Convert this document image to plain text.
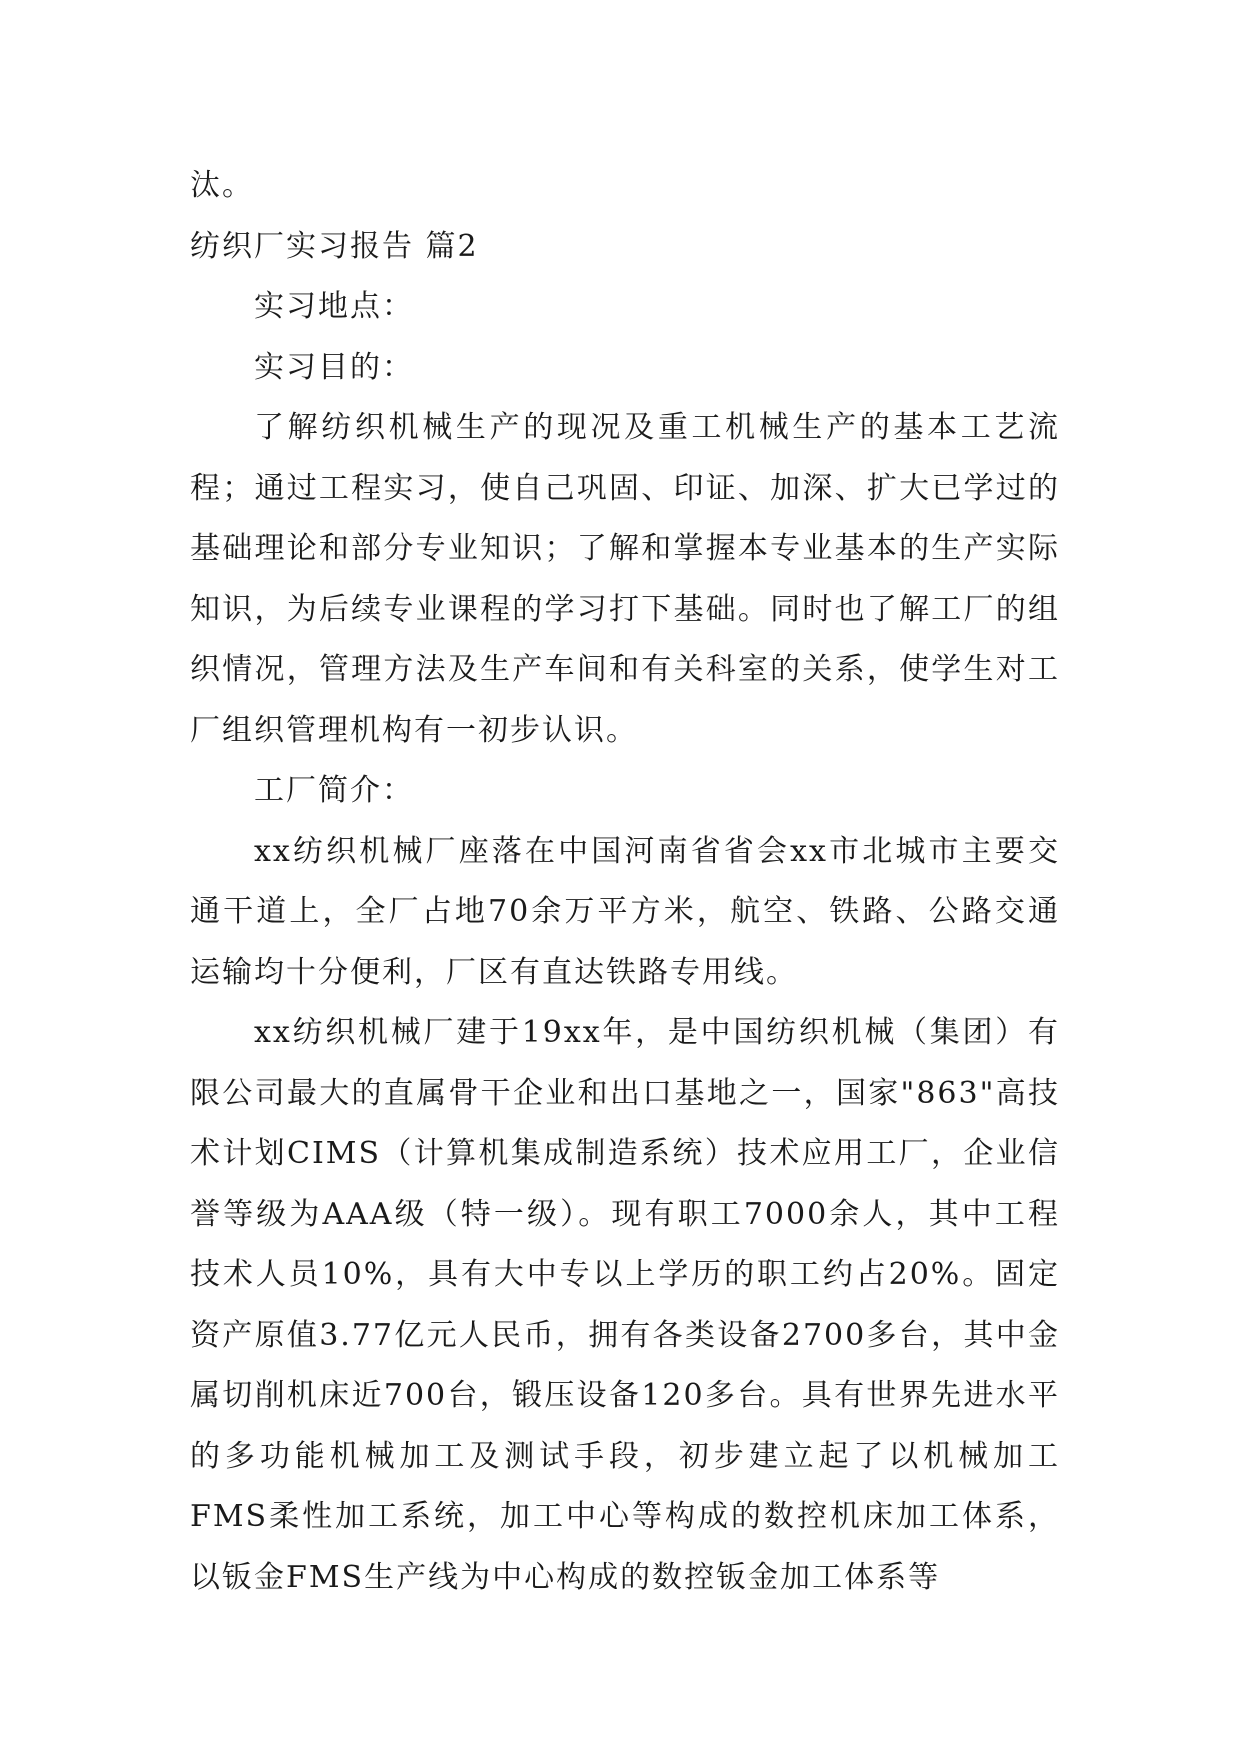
汰。

纺织厂实习报告 篇2

实习地点：

实习目的：

了解纺织机械生产的现况及重工机械生产的基本工艺流程；通过工程实习，使自己巩固、印证、加深、扩大已学过的基础理论和部分专业知识；了解和掌握本专业基本的生产实际知识，为后续专业课程的学习打下基础。同时也了解工厂的组织情况，管理方法及生产车间和有关科室的关系，使学生对工厂组织管理机构有一初步认识。

工厂简介：

xx纺织机械厂座落在中国河南省省会xx市北城市主要交通干道上，全厂占地70余万平方米，航空、铁路、公路交通运输均十分便利，厂区有直达铁路专用线。

xx纺织机械厂建于19xx年，是中国纺织机械（集团）有限公司最大的直属骨干企业和出口基地之一，国家"863"高技术计划CIMS（计算机集成制造系统）技术应用工厂，企业信誉等级为AAA级（特一级）。现有职工7000余人，其中工程技术人员10%，具有大中专以上学历的职工约占20%。固定资产原值3.77亿元人民币，拥有各类设备2700多台，其中金属切削机床近700台，锻压设备120多台。具有世界先进水平的多功能机械加工及测试手段，初步建立起了以机械加工FMS柔性加工系统，加工中心等构成的数控机床加工体系，以钣金FMS生产线为中心构成的数控钣金加工体系等
